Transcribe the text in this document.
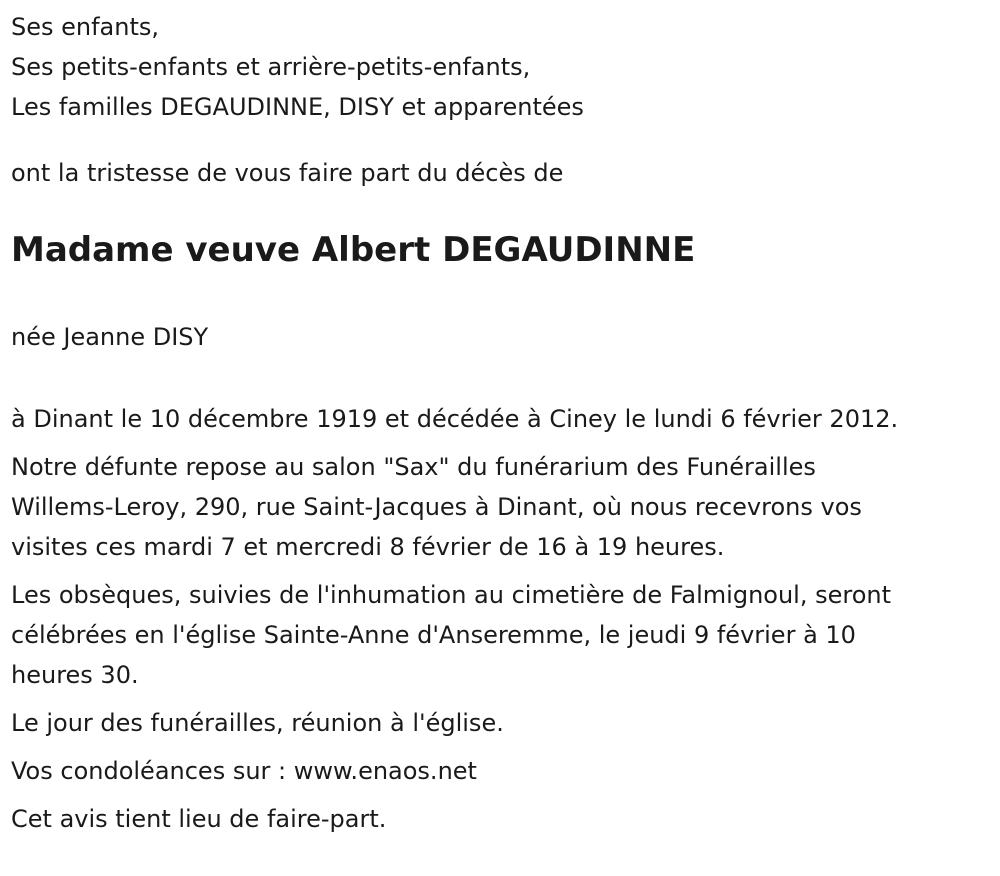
Ses enfants,

Ses petits-enfants et arrière-petits-enfants,

Les familles DEGAUDINNE, DISY et apparentées

ont la tristesse de vous faire part du décès de

Madame veuve Albert DEGAUDINNE

née Jeanne DISY

à Dinant le 10 décembre 1919 et décédée à Ciney le lundi 6 février 2012.

Notre défunte repose au salon "Sax" du funérarium des Funérailles

Willems-Leroy, 290, rue Saint-Jacques à Dinant, où nous recevrons vos

visites ces mardi 7 et mercredi 8 février de 16 à 19 heures.

Les obsèques, suivies de l'inhumation au cimetière de Falmignoul, seront

célébrées en l'église Sainte-Anne d'Anseremme, le jeudi 9 février à 10

heures 30.

Le jour des funérailles, réunion à l'église.

Vos condoléances sur : www.enaos.net

Cet avis tient lieu de faire-part.
